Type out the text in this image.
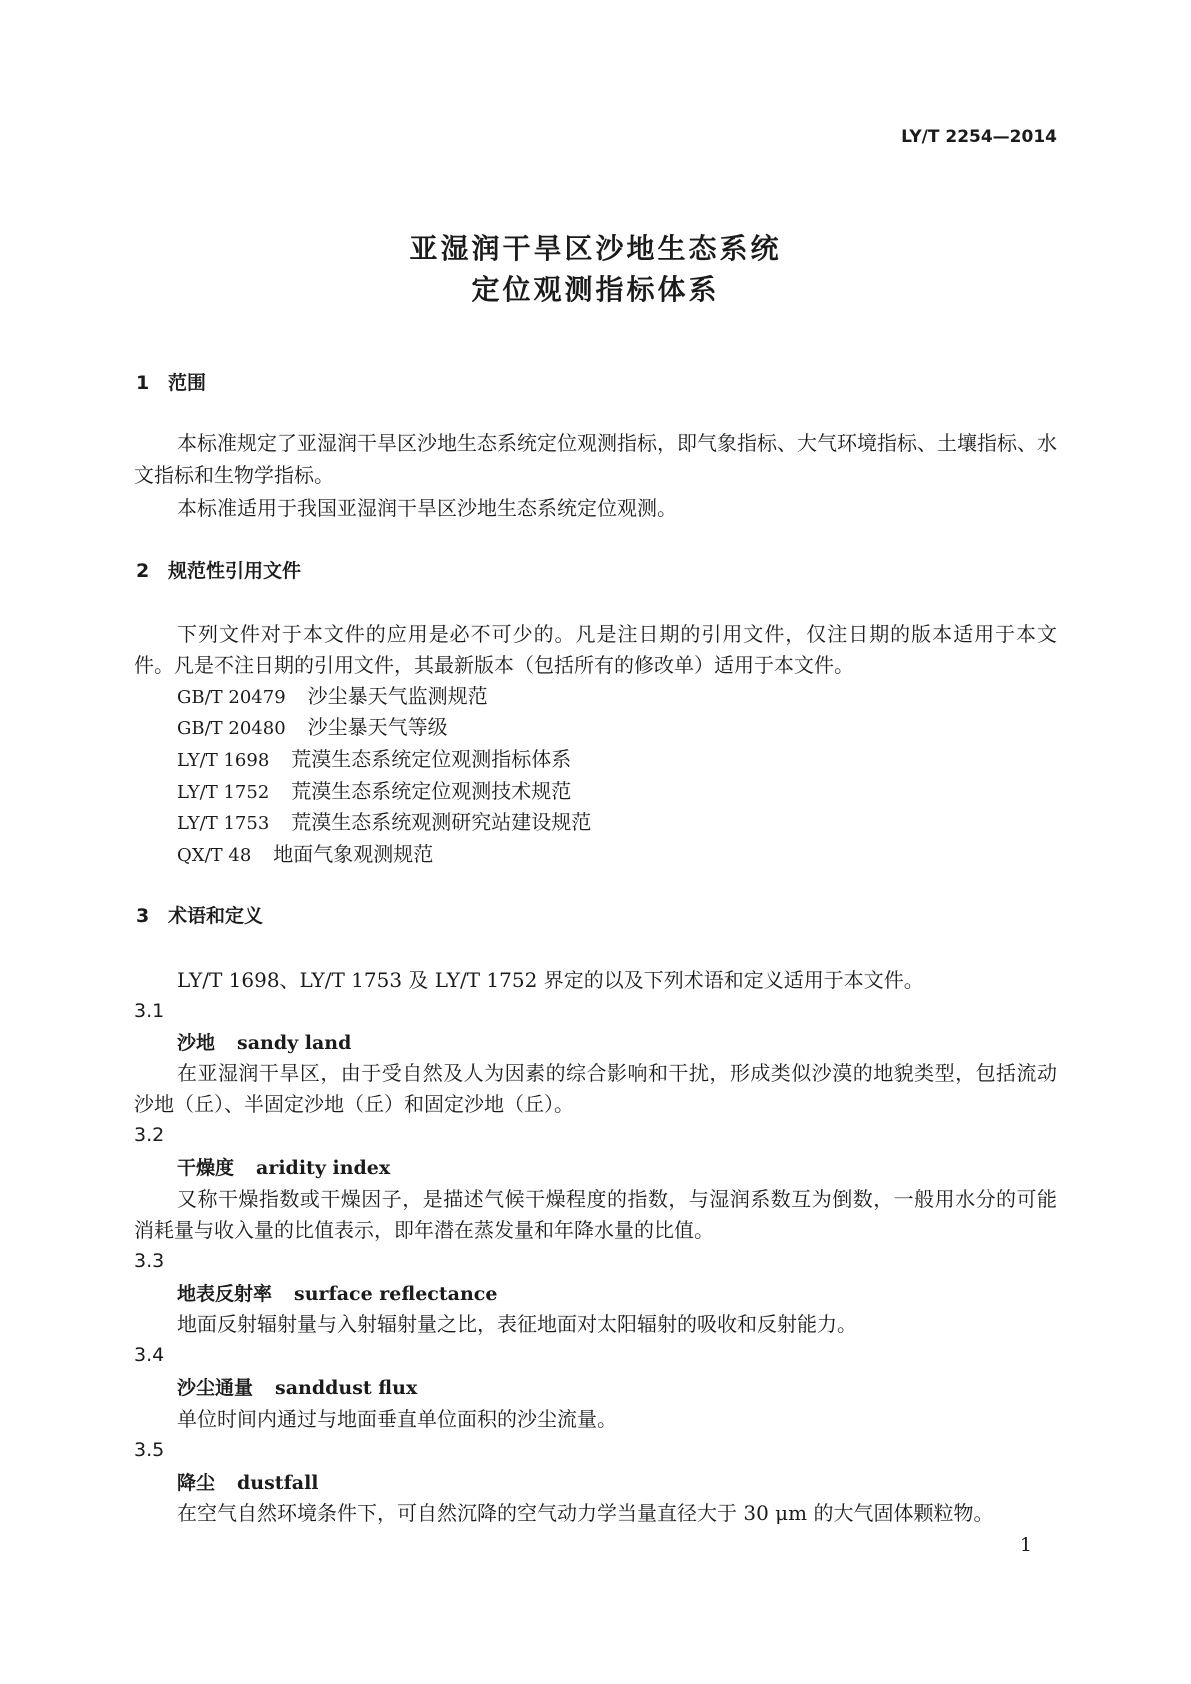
LY/T 2254—2014
亚湿润干旱区沙地生态系统
定位观测指标体系
1 范围
本标准规定了亚湿润干旱区沙地生态系统定位观测指标，即气象指标、大气环境指标、土壤指标、水
文指标和生物学指标。
本标准适用于我国亚湿润干旱区沙地生态系统定位观测。
2 规范性引用文件
下列文件对于本文件的应用是必不可少的。凡是注日期的引用文件，仅注日期的版本适用于本文
件。凡是不注日期的引用文件，其最新版本（包括所有的修改单）适用于本文件。
GB/T 20479 沙尘暴天气监测规范
GB/T 20480 沙尘暴天气等级
LY/T 1698 荒漠生态系统定位观测指标体系
LY/T 1752 荒漠生态系统定位观测技术规范
LY/T 1753 荒漠生态系统观测研究站建设规范
QX/T 48 地面气象观测规范
3 术语和定义
LY/T 1698、LY/T 1753 及 LY/T 1752 界定的以及下列术语和定义适用于本文件。
3.1
沙地 sandy land
在亚湿润干旱区，由于受自然及人为因素的综合影响和干扰，形成类似沙漠的地貌类型，包括流动
沙地（丘）、半固定沙地（丘）和固定沙地（丘）。
3.2
干燥度 aridity index
又称干燥指数或干燥因子，是描述气候干燥程度的指数，与湿润系数互为倒数，一般用水分的可能
消耗量与收入量的比值表示，即年潜在蒸发量和年降水量的比值。
3.3
地表反射率 surface reflectance
地面反射辐射量与入射辐射量之比，表征地面对太阳辐射的吸收和反射能力。
3.4
沙尘通量 sanddust flux
单位时间内通过与地面垂直单位面积的沙尘流量。
3.5
降尘 dustfall
在空气自然环境条件下，可自然沉降的空气动力学当量直径大于 30 μm 的大气固体颗粒物。
1
